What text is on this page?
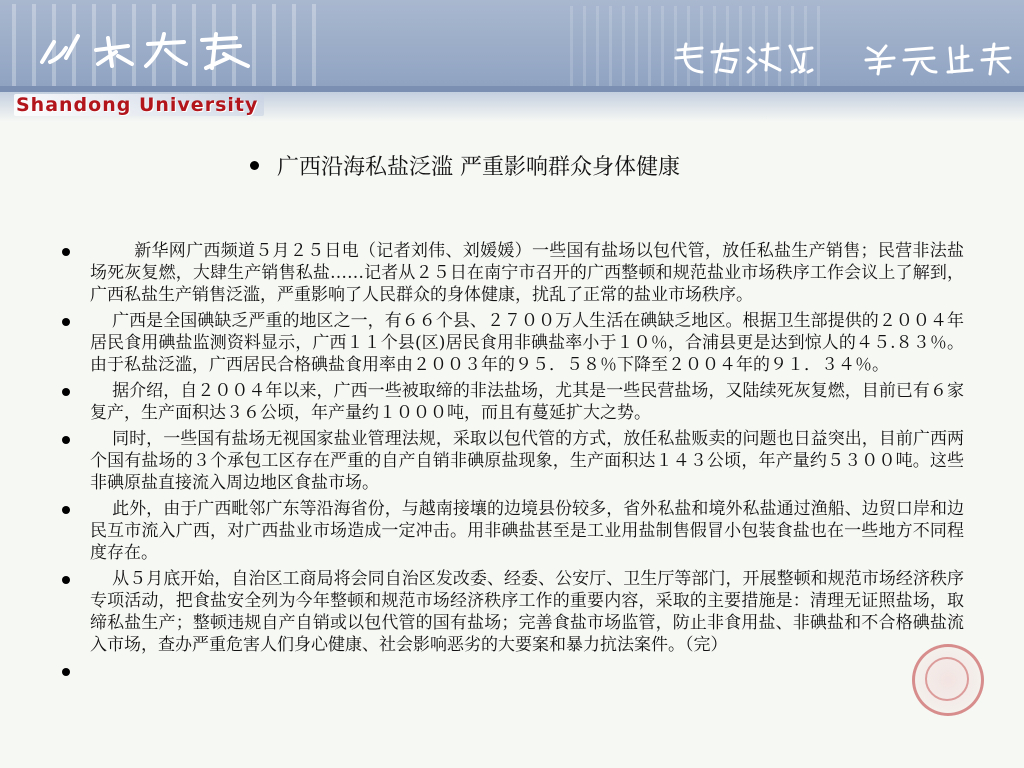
Shandong University
广西沿海私盐泛滥 严重影响群众身体健康
新华网广西频道５月２５日电（记者刘伟、刘媛媛）一些国有盐场以包代管，放任私盐生产销售；民营非法盐场死灰复燃，大肆生产销售私盐……记者从２５日在南宁市召开的广西整顿和规范盐业市场秩序工作会议上了解到，广西私盐生产销售泛滥，严重影响了人民群众的身体健康，扰乱了正常的盐业市场秩序。
广西是全国碘缺乏严重的地区之一，有６６个县、２７００万人生活在碘缺乏地区。根据卫生部提供的２００４年居民食用碘盐监测资料显示，广西１１个县(区)居民食用非碘盐率小于１０％，合浦县更是达到惊人的４５.８３％。由于私盐泛滥，广西居民合格碘盐食用率由２００３年的９５．５８％下降至２００４年的９１．３４％。
据介绍，自２００４年以来，广西一些被取缔的非法盐场，尤其是一些民营盐场，又陆续死灰复燃，目前已有６家复产，生产面积达３６公顷，年产量约１０００吨，而且有蔓延扩大之势。
同时，一些国有盐场无视国家盐业管理法规，采取以包代管的方式，放任私盐贩卖的问题也日益突出，目前广西两个国有盐场的３个承包工区存在严重的自产自销非碘原盐现象，生产面积达１４３公顷，年产量约５３００吨。这些非碘原盐直接流入周边地区食盐市场。
此外，由于广西毗邻广东等沿海省份，与越南接壤的边境县份较多，省外私盐和境外私盐通过渔船、边贸口岸和边民互市流入广西，对广西盐业市场造成一定冲击。用非碘盐甚至是工业用盐制售假冒小包装食盐也在一些地方不同程度存在。
从５月底开始，自治区工商局将会同自治区发改委、经委、公安厅、卫生厅等部门，开展整顿和规范市场经济秩序专项活动，把食盐安全列为今年整顿和规范市场经济秩序工作的重要内容，采取的主要措施是：清理无证照盐场，取缔私盐生产；整顿违规自产自销或以包代管的国有盐场；完善食盐市场监管，防止非食用盐、非碘盐和不合格碘盐流入市场，查办严重危害人们身心健康、社会影响恶劣的大要案和暴力抗法案件。（完）
